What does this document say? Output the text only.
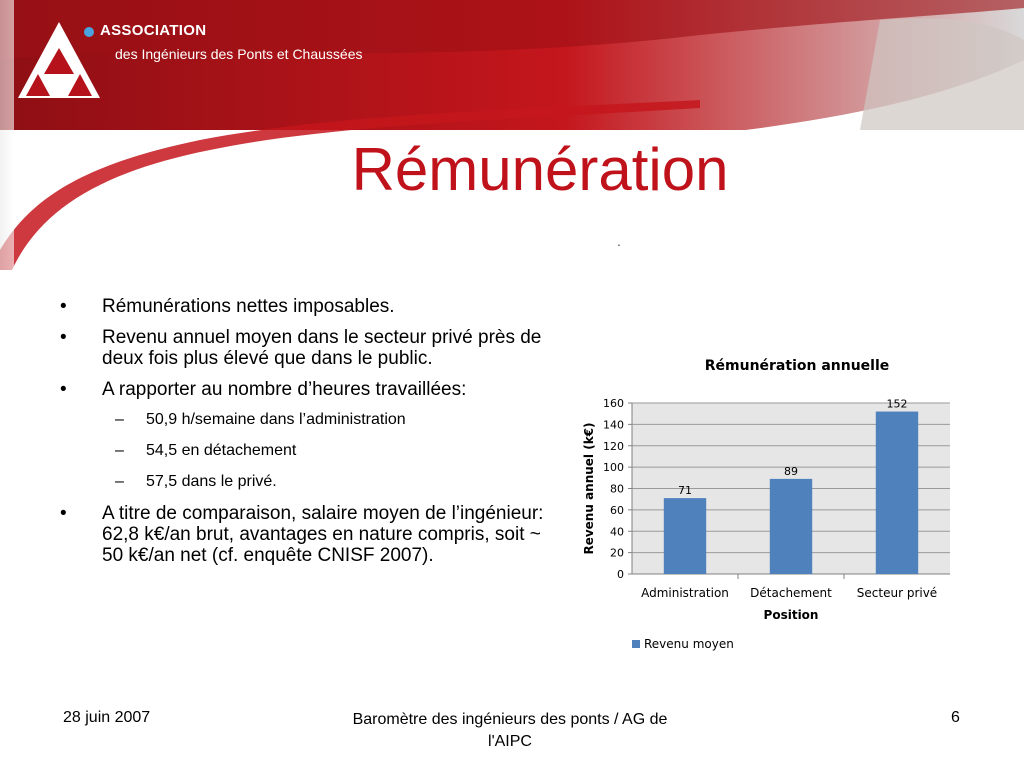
ASSOCIATION
des Ingénieurs des Ponts et Chaussées
Rémunération
.
• Rémunérations nettes imposables.
• Revenu annuel moyen dans le secteur privé près de deux fois plus élevé que dans le public.
• A rapporter au nombre d’heures travaillées:
– 50,9 h/semaine dans l’administration
– 54,5 en détachement
– 57,5 dans le privé.
• A titre de comparaison, salaire moyen de l’ingénieur: 62,8 k€/an brut, avantages en nature compris, soit ~ 50 k€/an net (cf. enquête CNISF 2007).
Rémunération annuelle
0
20
40
60
80
100
120
140
160
71
Administration
89
Détachement
152
Secteur privé
Position
Revenu annuel (k€)
Revenu moyen
28 juin 2007	Baromètre des ingénieurs des ponts / AG de l'AIPC
6
